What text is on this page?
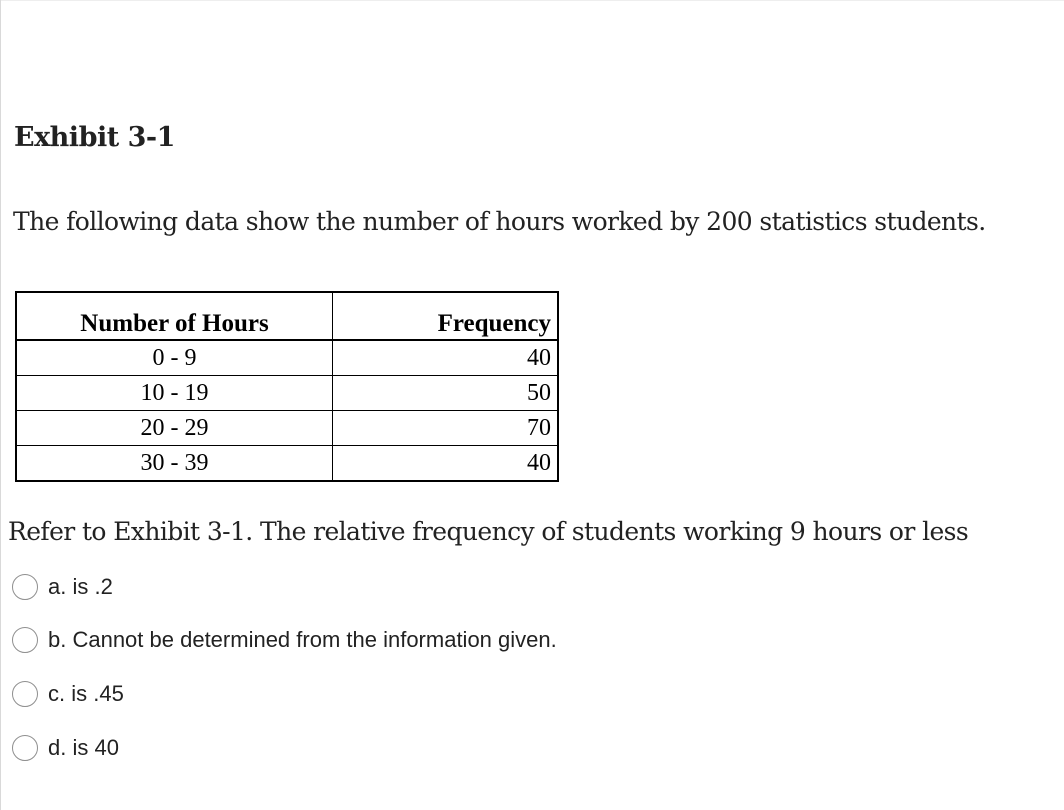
Exhibit 3-1

The following data show the number of hours worked by 200 statistics students.

Number of Hours	Frequency
0 - 9	40
10 - 19	50
20 - 29	70
30 - 39	40

Refer to Exhibit 3-1. The relative frequency of students working 9 hours or less

a. is .2
b. Cannot be determined from the information given.
c. is .45
d. is 40
